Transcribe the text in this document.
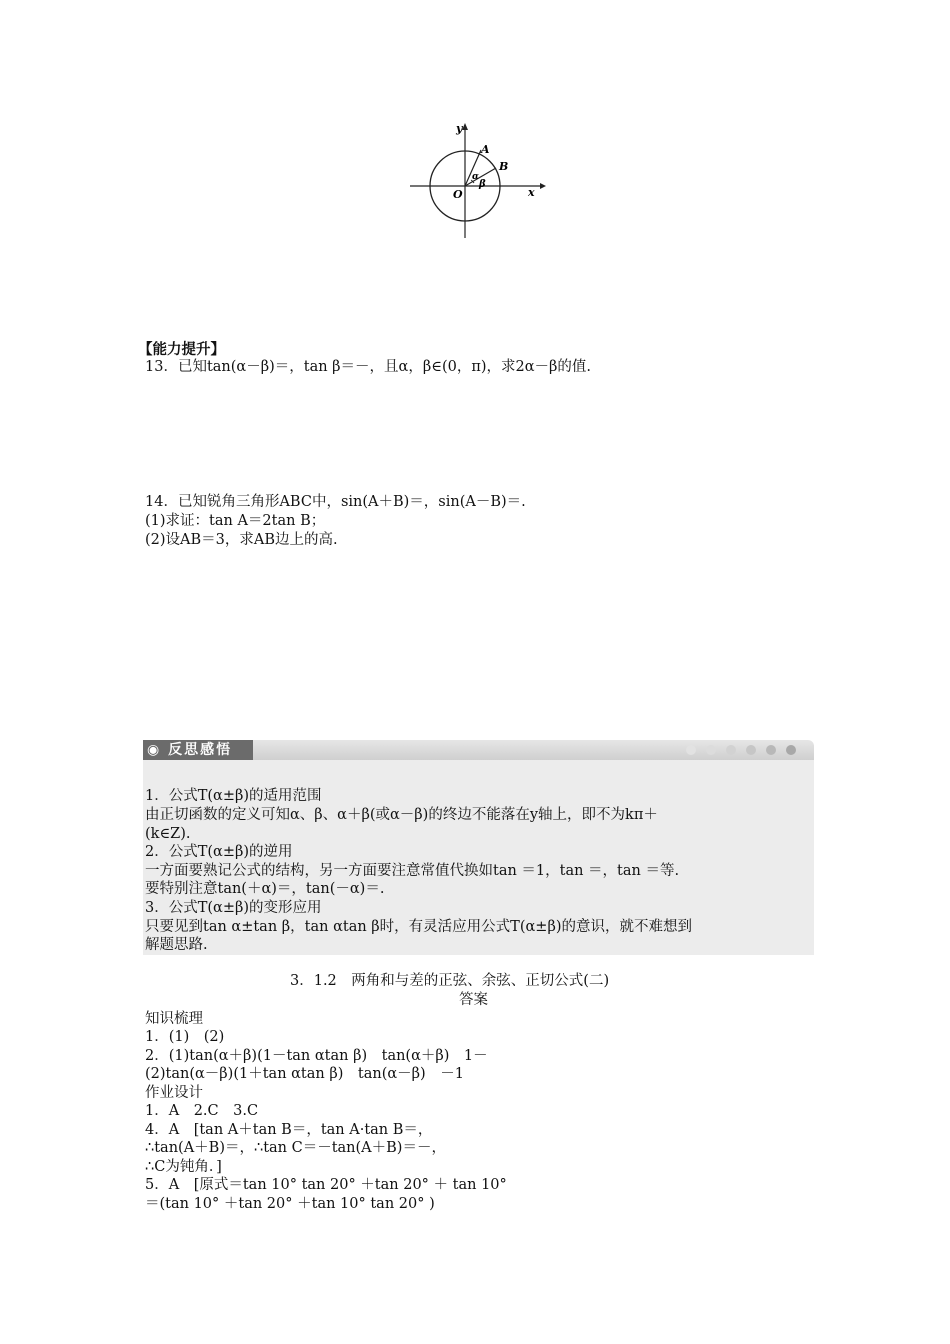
y
x
O
A
B
α
β
【能力提升】
13．已知tan(α－β)＝，tan β＝－，且α，β∈(0，π)，求2α－β的值.
14．已知锐角三角形ABC中，sin(A＋B)＝，sin(A－B)＝.
(1)求证：tan A＝2tan B；
(2)设AB＝3，求AB边上的高.
◉ 反思感悟
1．公式T(α±β)的适用范围
由正切函数的定义可知α、β、α＋β(或α－β)的终边不能落在y轴上，即不为kπ＋
(k∈Z).
2．公式T(α±β)的逆用
一方面要熟记公式的结构，另一方面要注意常值代换如tan ＝1，tan ＝，tan ＝等.
要特别注意tan(＋α)＝，tan(－α)＝.
3．公式T(α±β)的变形应用
只要见到tan α±tan β，tan αtan β时，有灵活应用公式T(α±β)的意识，就不难想到
解题思路.
3．1.2　两角和与差的正弦、余弦、正切公式(二)
答案
知识梳理
1．(1)　(2)
2．(1)tan(α＋β)(1－tan αtan β)　tan(α＋β)　1－
(2)tan(α－β)(1＋tan αtan β)　tan(α－β)　－1
作业设计
1．A　2.C　3.C
4．A　[tan A＋tan B＝，tan A·tan B＝，
∴tan(A＋B)＝，∴tan C＝－tan(A＋B)＝－，
∴C为钝角．]
5．A　[原式＝tan 10° tan 20° ＋tan 20° ＋ tan 10°
＝(tan 10° ＋tan 20° ＋tan 10° tan 20° )
